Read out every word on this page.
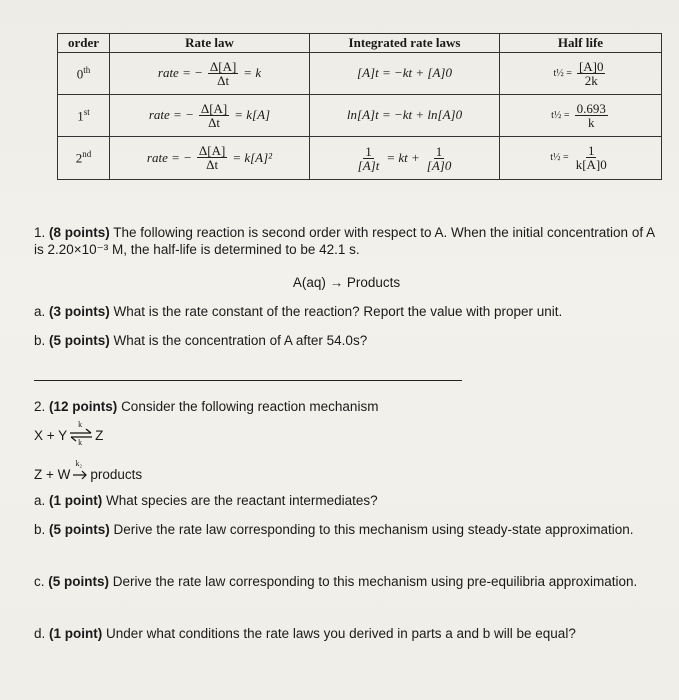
order	Rate law	Integrated rate laws	Half life
0th	rate = − $\frac{\Delta[A]}{\Delta t} = k$	[A]t = −kt + [A]0	t½ = $\frac{[A]0}{2k}$

1st	rate = − $\frac{\Delta[A]}{\Delta t} = k[A]$	ln[A]t = −kt + ln[A]0	t½ = $\frac{0.693}{k}$

2nd	rate = − $\frac{\Delta[A]}{\Delta t} = k[A]^2$	$\frac{1}{[A]t}$ = kt + $\frac{1}{[A]0}$	t½ = $\frac{1}{k[A]0}$
1. (8 points) The following reaction is second order with respect to A. When the initial concentration of A is 2.20×10⁻³ M, the half-life is determined to be 42.1 s.
A(aq) → Products
a. (3 points) What is the rate constant of the reaction? Report the value with proper unit.
b. (5 points) What is the concentration of A after 54.0s?
2. (12 points) Consider the following reaction mechanism
X + Y
k
k Z
Z + W
k₂
products
a. (1 point) What species are the reactant intermediates?
b. (5 points) Derive the rate law corresponding to this mechanism using steady-state approximation.
c. (5 points) Derive the rate law corresponding to this mechanism using pre-equilibria approximation.
d. (1 point) Under what conditions the rate laws you derived in parts a and b will be equal?
